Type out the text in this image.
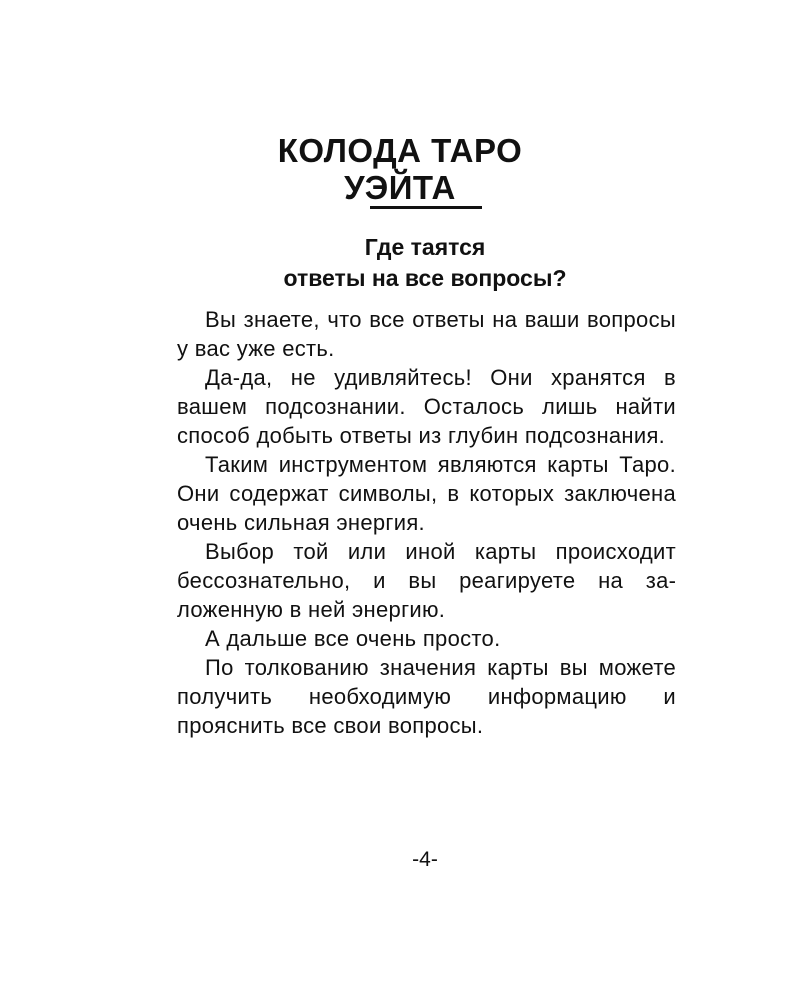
КОЛОДА ТАРО
УЭЙТА
Где таятся
ответы на все вопросы?

Вы знаете, что все ответы на ваши вопросы у вас уже есть.

Да-да, не удивляйтесь! Они хранятся в вашем подсознании. Осталось лишь найти способ добыть ответы из глубин подсознания.

Таким инструментом являются карты Таро. Они содержат символы, в которых заключена очень сильная энергия.

Выбор той или иной карты происходит бессознательно, и вы реагируете на заложенную в ней энергию.

А дальше все очень просто.

По толкованию значения карты вы можете получить необходимую информацию и прояснить все свои вопросы.

-4-
